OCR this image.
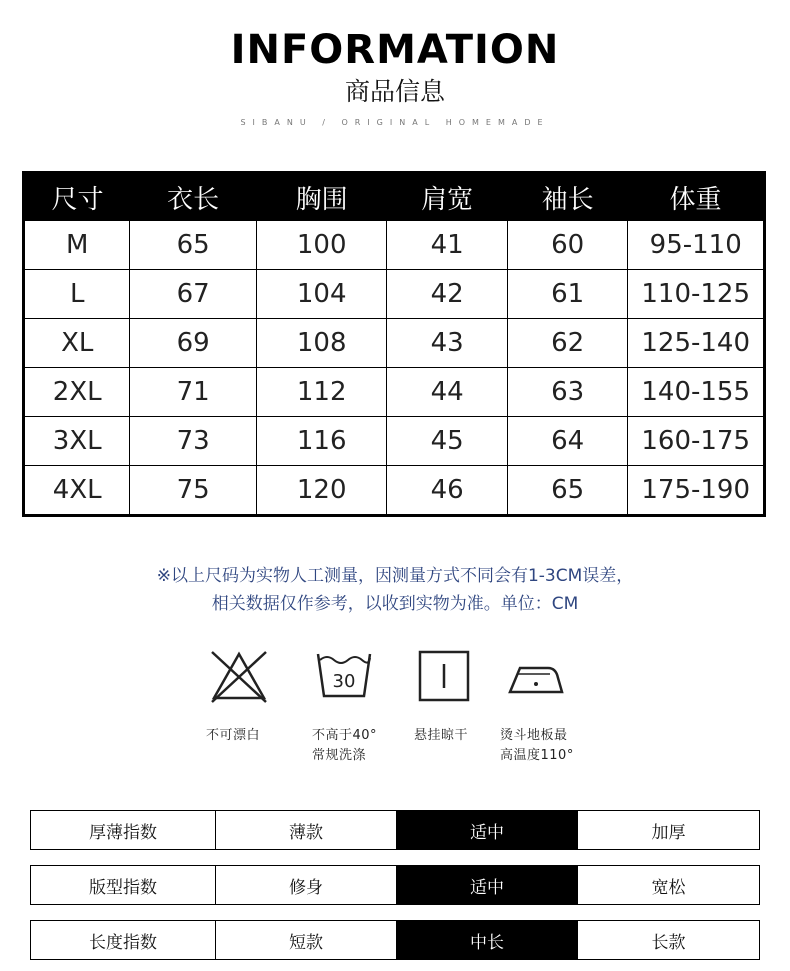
INFORMATION
商品信息
SIBANU / ORIGINAL HOMEMADE
尺寸	衣长	胸围	肩宽	袖长	体重
M	65	100	41	60	95-110
L	67	104	42	61	110-125
XL	69	108	43	62	125-140
2XL	71	112	44	63	140-155
3XL	73	116	45	64	160-175
4XL	75	120	46	65	175-190
※以上尺码为实物人工测量，因测量方式不同会有1-3CM误差，
相关数据仅作参考，以收到实物为准。单位：CM
不可漂白
30
不高于40°
常规洗涤
悬挂晾干	烫斗地板最
高温度110°
厚薄指数	薄款	适中	加厚
版型指数	修身	适中	宽松
长度指数	短款	中长	长款
